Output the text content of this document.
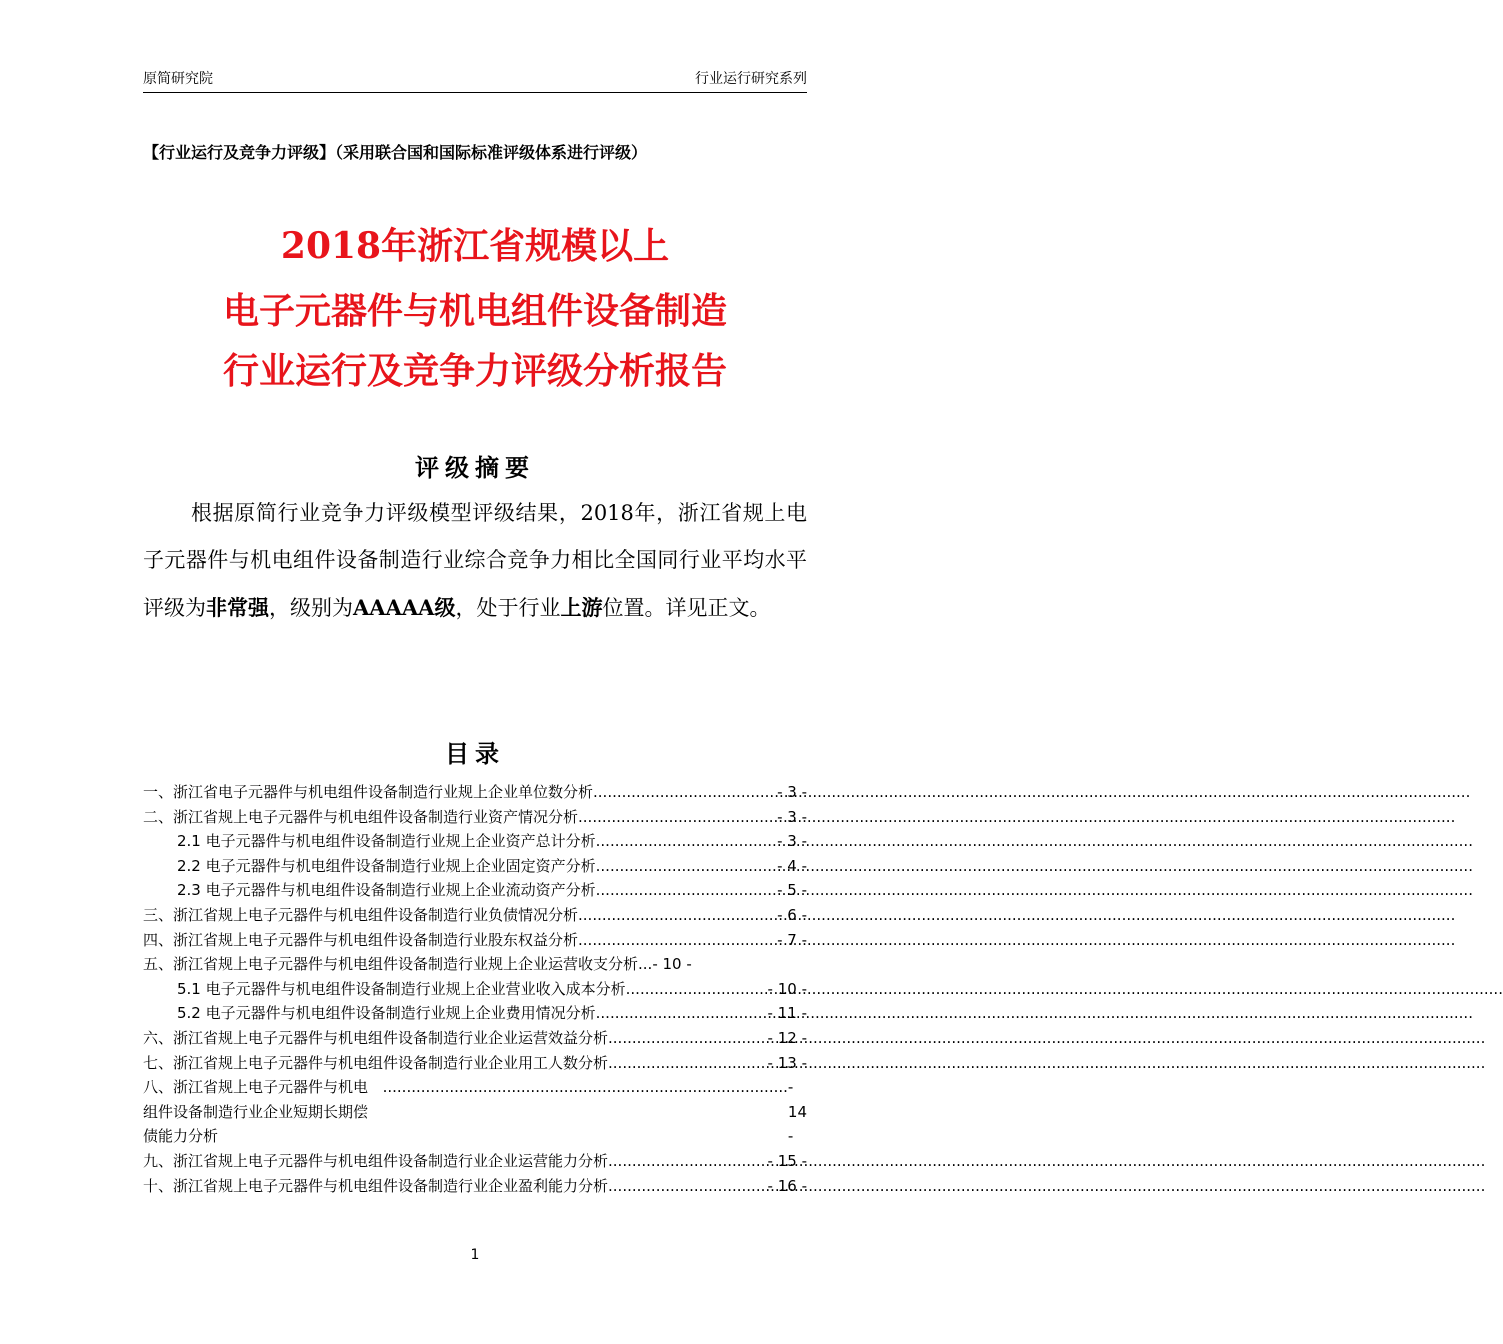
原简研究院	行业运行研究系列
【行业运行及竞争力评级】（采用联合国和国际标准评级体系进行评级）
2018年浙江省规模以上
电子元器件与机电组件设备制造
行业运行及竞争力评级分析报告
评级摘要
根据原简行业竞争力评级模型评级结果，2018年，浙江省规上电子元器件与机电组件设备制造行业综合竞争力相比全国同行业平均水平评级为非常强，级别为AAAAA级，处于行业上游位置。详见正文。
目录
一、浙江省电子元器件与机电组件设备制造行业规上企业单位数分析 .....	- 3 -
二、浙江省规上电子元器件与机电组件设备制造行业资产情况分析 .....	- 3 -
2.1 电子元器件与机电组件设备制造行业规上企业资产总计分析 .....	- 3 -
2.2 电子元器件与机电组件设备制造行业规上企业固定资产分析 .....	- 4 -
2.3 电子元器件与机电组件设备制造行业规上企业流动资产分析 .....	- 5 -
三、浙江省规上电子元器件与机电组件设备制造行业负债情况分析 .....	- 6 -
四、浙江省规上电子元器件与机电组件设备制造行业股东权益分析 .....	- 7 -
五、浙江省规上电子元器件与机电组件设备制造行业规上企业运营收支分析 ... - 10 -
5.1 电子元器件与机电组件设备制造行业规上企业营业收入成本分析 .....	- 10 -
5.2 电子元器件与机电组件设备制造行业规上企业费用情况分析 .....	- 11 -
六、浙江省规上电子元器件与机电组件设备制造行业企业运营效益分析 .....	- 12 -
七、浙江省规上电子元器件与机电组件设备制造行业企业用工人数分析 .....	- 13 -
八、浙江省规上电子元器件与机电组件设备制造行业企业短期长期偿债能力分析
..................................................................................... - 14 -
九、浙江省规上电子元器件与机电组件设备制造行业企业运营能力分析 .....	- 15 -
十、浙江省规上电子元器件与机电组件设备制造行业企业盈利能力分析 .....	- 16 -
1
